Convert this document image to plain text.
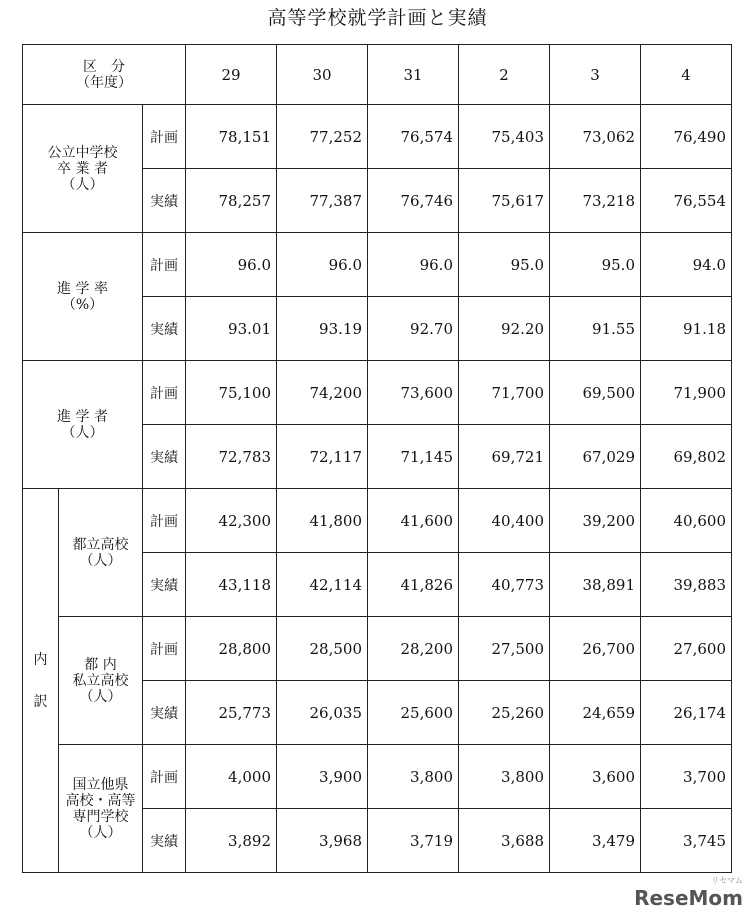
高等学校就学計画と実績
区　分
（年度）			29	30	31	2	3	4

公立中学校
卒 業 者
（人）		計画	78,151	77,252	76,574	75,403	73,062	76,490
		実績	78,257	77,387	76,746	75,617	73,218	76,554

進 学 率
（%）		計画	96.0	96.0	96.0	95.0	95.0	94.0
		実績	93.01	93.19	92.70	92.20	91.55	91.18

進 学 者
（人）		計画	75,100	74,200	73,600	71,700	69,500	71,900
		実績	72,783	72,117	71,145	69,721	67,029	69,802

内
訳	都立高校
（人）	計画	42,300	41,800	41,600	40,400	39,200	40,600
		実績	43,118	42,114	41,826	40,773	38,891	39,883

	都 内
私立高校
（人）	計画	28,800	28,500	28,200	27,500	26,700	27,600
		実績	25,773	26,035	25,600	25,260	24,659	26,174

	国立他県
高校・高等
専門学校
（人）	計画	4,000	3,900	3,800	3,800	3,600	3,700
		実績	3,892	3,968	3,719	3,688	3,479	3,745
リセマム
ReseMom
